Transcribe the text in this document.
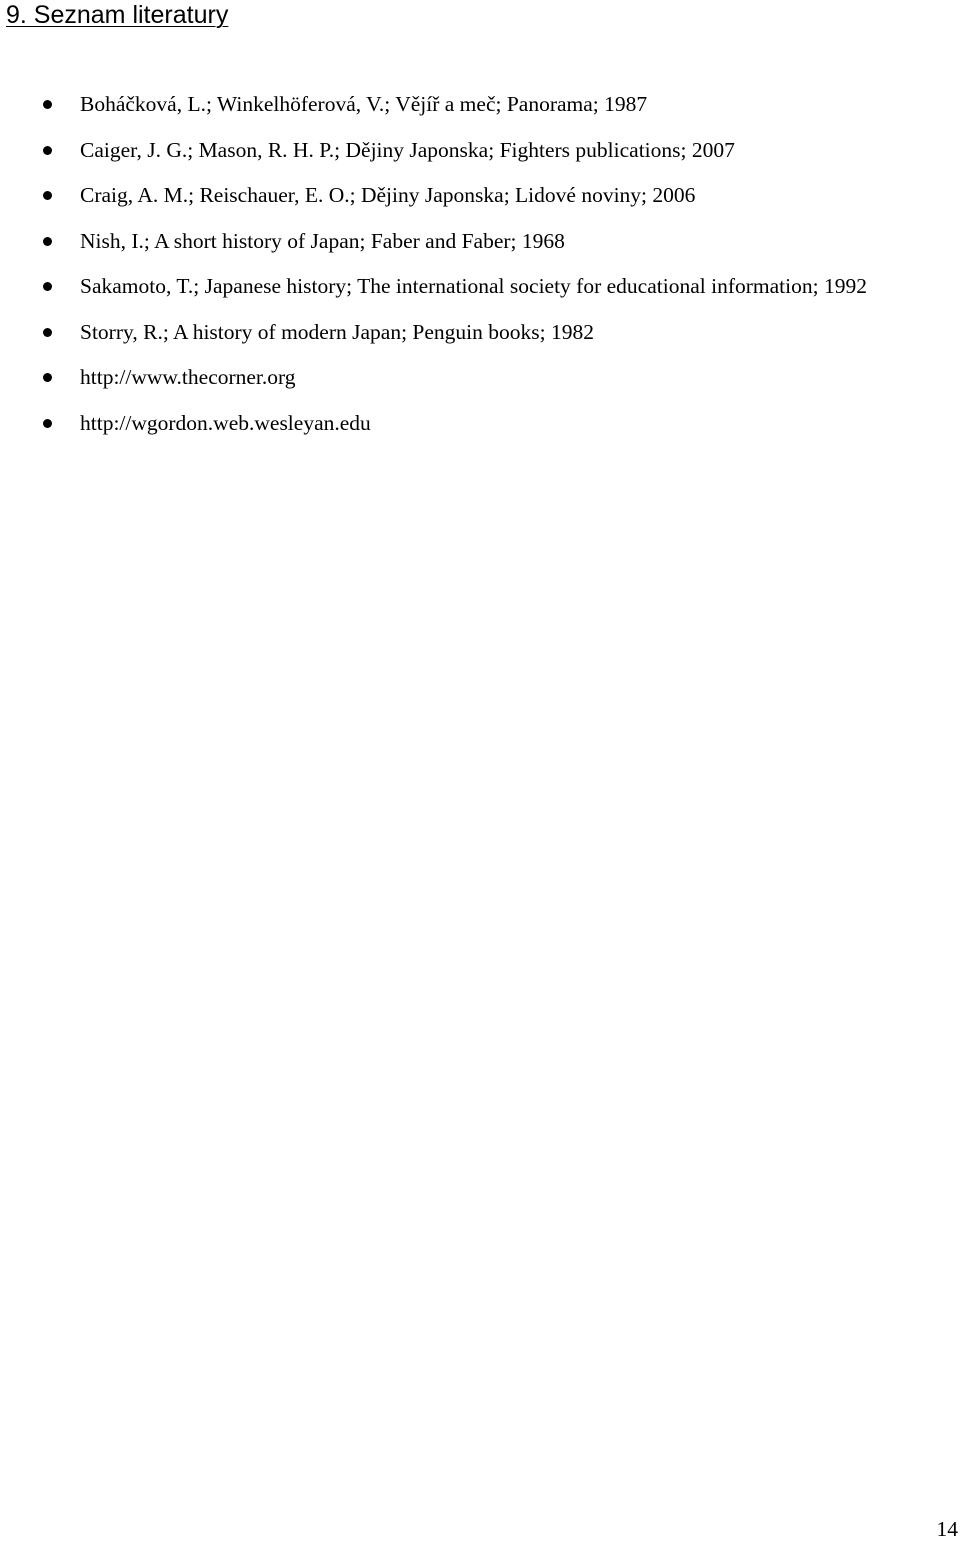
9. Seznam literatury
Boháčková, L.; Winkelhöferová, V.; Vějíř a meč; Panorama; 1987
Caiger, J. G.; Mason, R. H. P.; Dějiny Japonska; Fighters publications; 2007
Craig, A. M.; Reischauer, E. O.; Dějiny Japonska; Lidové noviny; 2006
Nish, I.; A short history of Japan; Faber and Faber; 1968
Sakamoto, T.; Japanese history; The international society for educational information; 1992
Storry, R.; A history of modern Japan; Penguin books; 1982
http://www.thecorner.org
http://wgordon.web.wesleyan.edu
14
